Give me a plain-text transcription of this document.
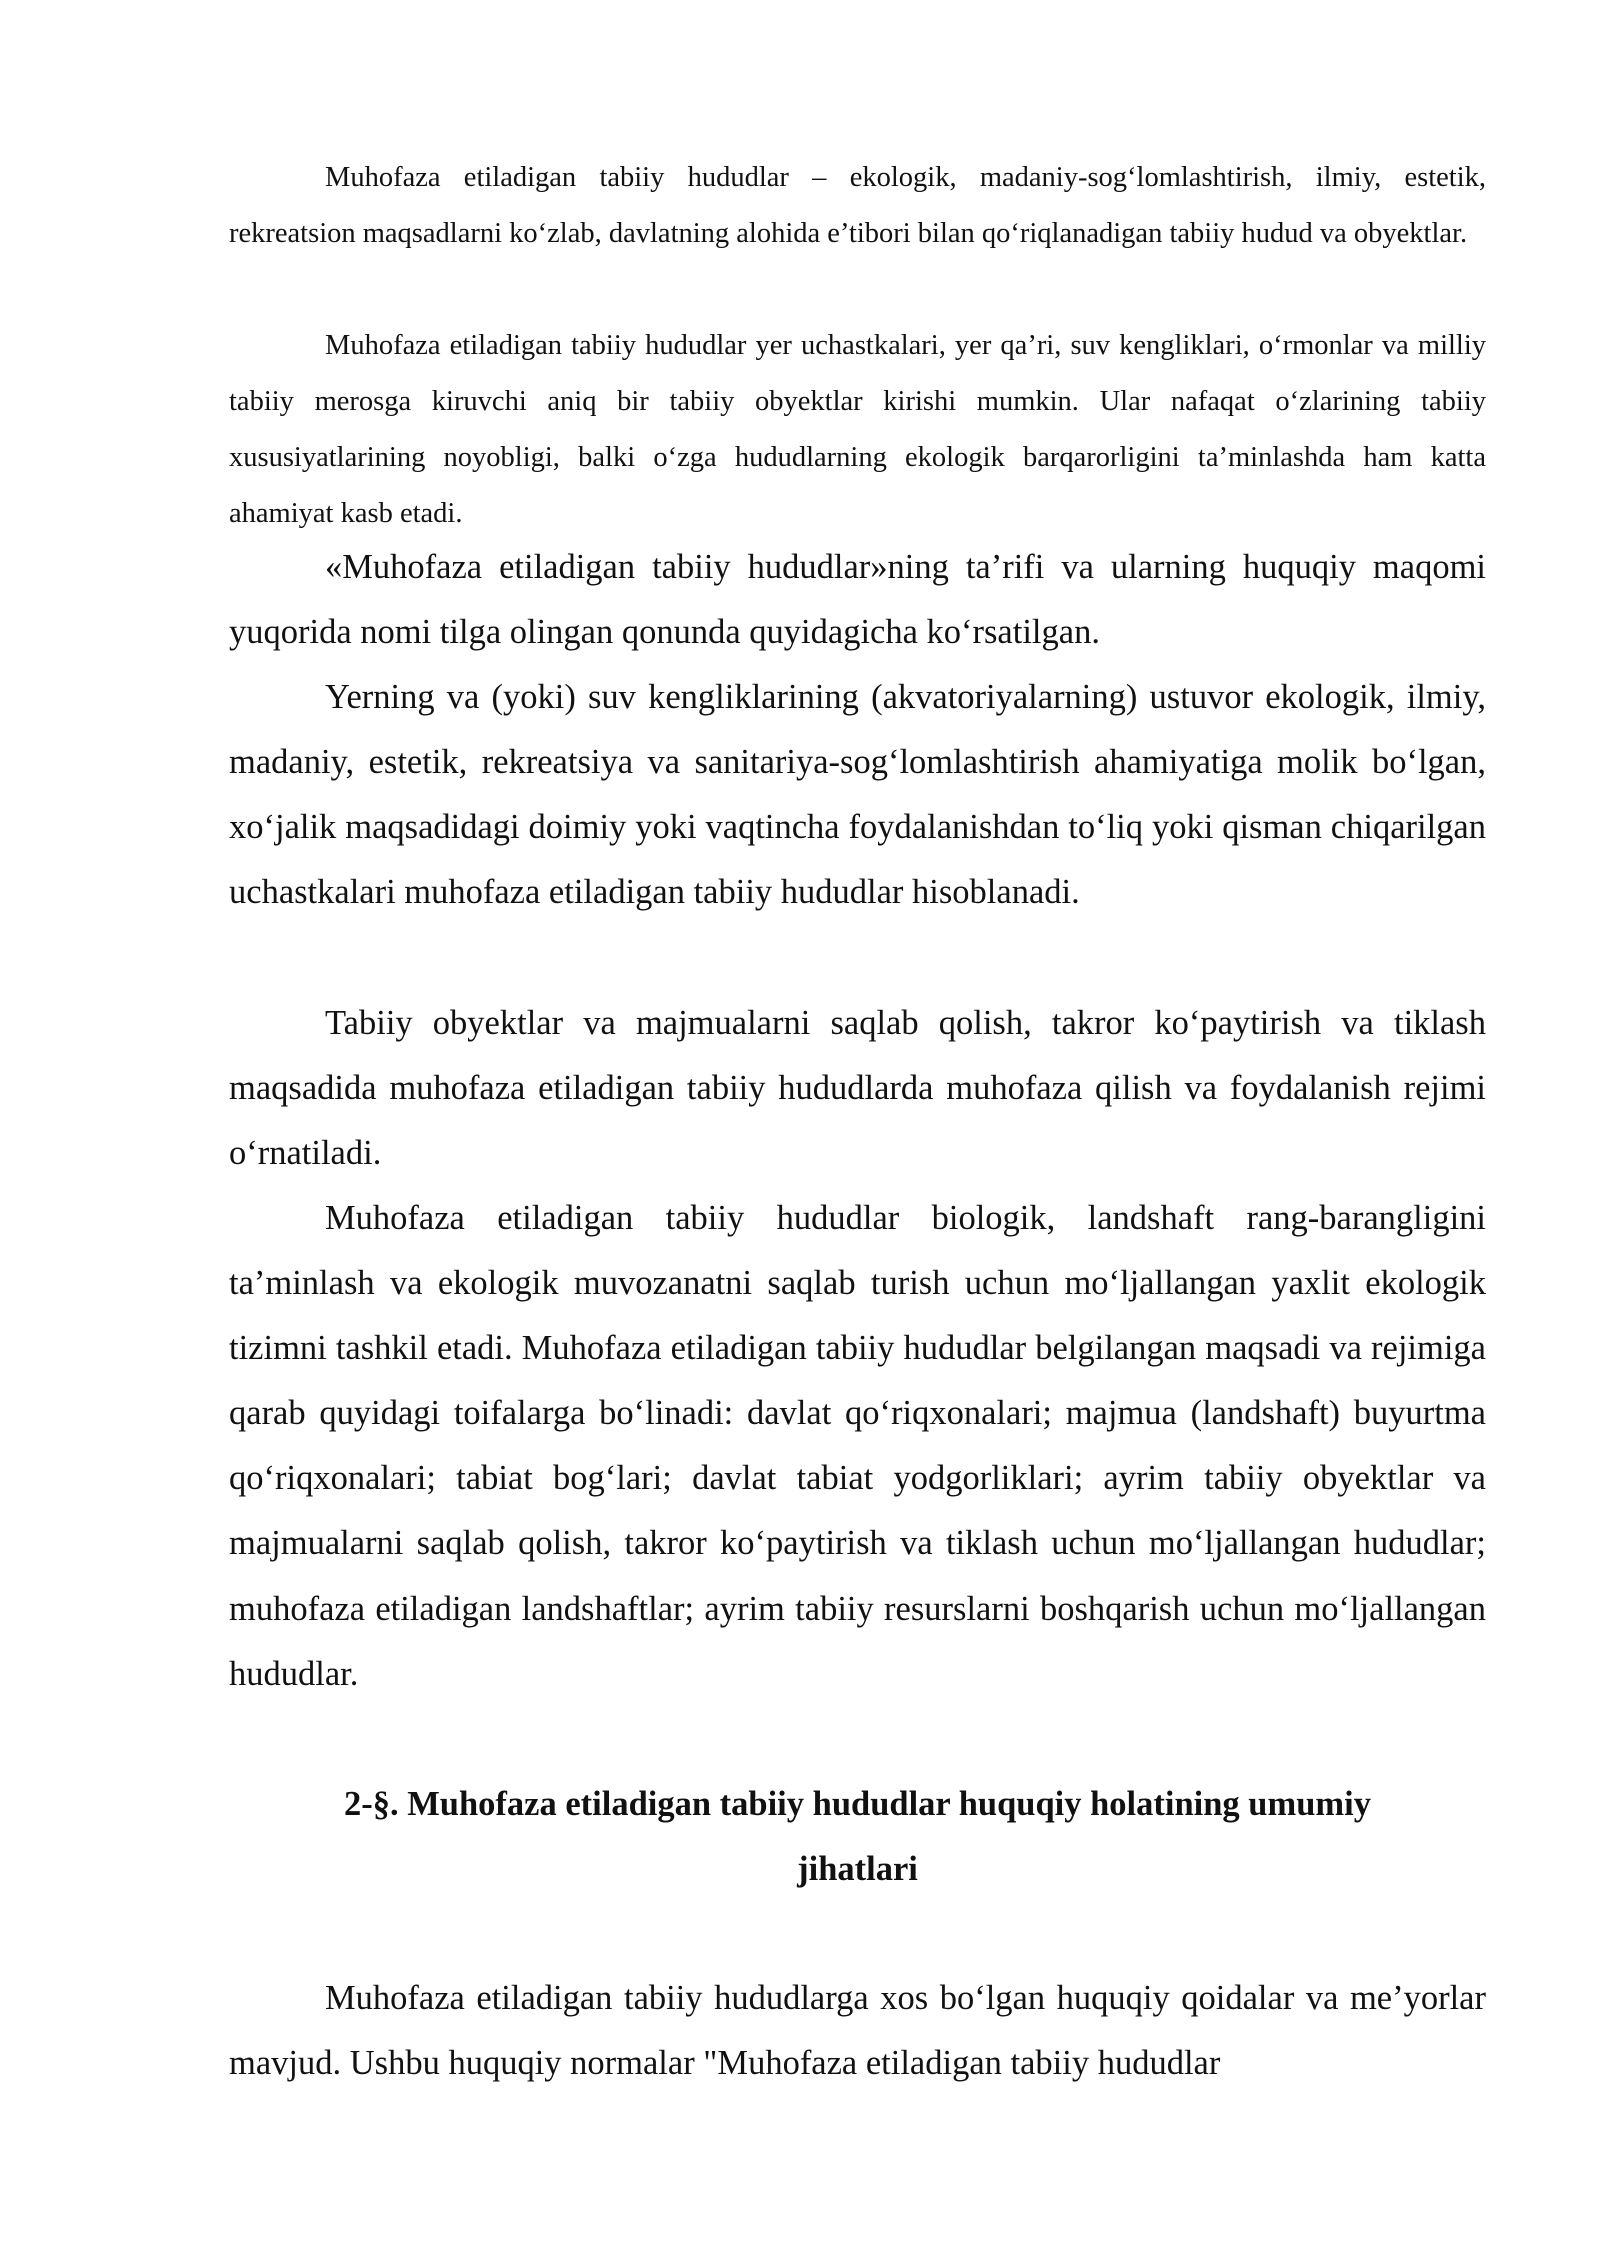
Muhofaza etiladigan tabiiy hududlar – ekologik, madaniy-sog‘lomlashtirish, ilmiy, estetik, rekreatsion maqsadlarni ko‘zlab, davlatning alohida e’tibori bilan qo‘riqlanadigan tabiiy hudud va obyektlar.

Muhofaza etiladigan tabiiy hududlar yer uchastkalari, yer qa’ri, suv kengliklari, o‘rmonlar va milliy tabiiy merosga kiruvchi aniq bir tabiiy obyektlar kirishi mumkin. Ular nafaqat o‘zlarining tabiiy xususiyatlarining noyobligi, balki o‘zga hududlarning ekologik barqarorligini ta’minlashda ham katta ahamiyat kasb etadi.

«Muhofaza etiladigan tabiiy hududlar»ning ta’rifi va ularning huquqiy maqomi yuqorida nomi tilga olingan qonunda quyidagicha ko‘rsatilgan.

Yerning va (yoki) suv kengliklarining (akvatoriyalarning) ustuvor ekologik, ilmiy, madaniy, estetik, rekreatsiya va sanitariya-sog‘lomlashtirish ahamiyatiga molik bo‘lgan, xo‘jalik maqsadidagi doimiy yoki vaqtincha foydalanishdan to‘liq yoki qisman chiqarilgan uchastkalari muhofaza etiladigan tabiiy hududlar hisoblanadi.

Tabiiy obyektlar va majmualarni saqlab qolish, takror ko‘paytirish va tiklash maqsadida muhofaza etiladigan tabiiy hududlarda muhofaza qilish va foydalanish rejimi o‘rnatiladi.

Muhofaza etiladigan tabiiy hududlar biologik, landshaft rang-barangligini ta’minlash va ekologik muvozanatni saqlab turish uchun mo‘ljallangan yaxlit ekologik tizimni tashkil etadi. Muhofaza etiladigan tabiiy hududlar belgilangan maqsadi va rejimiga qarab quyidagi toifalarga bo‘linadi: davlat qo‘riqxonalari; majmua (landshaft) buyurtma qo‘riqxonalari; tabiat bog‘lari; davlat tabiat yodgorliklari; ayrim tabiiy obyektlar va majmualarni saqlab qolish, takror ko‘paytirish va tiklash uchun mo‘ljallangan hududlar; muhofaza etiladigan landshaftlar; ayrim tabiiy resurslarni boshqarish uchun mo‘ljallangan hududlar.

2-§. Muhofaza etiladigan tabiiy hududlar huquqiy holatining umumiy
jihatlari

Muhofaza etiladigan tabiiy hududlarga xos bo‘lgan huquqiy qoidalar va me’yorlar mavjud. Ushbu huquqiy normalar "Muhofaza etiladigan tabiiy hududlar
